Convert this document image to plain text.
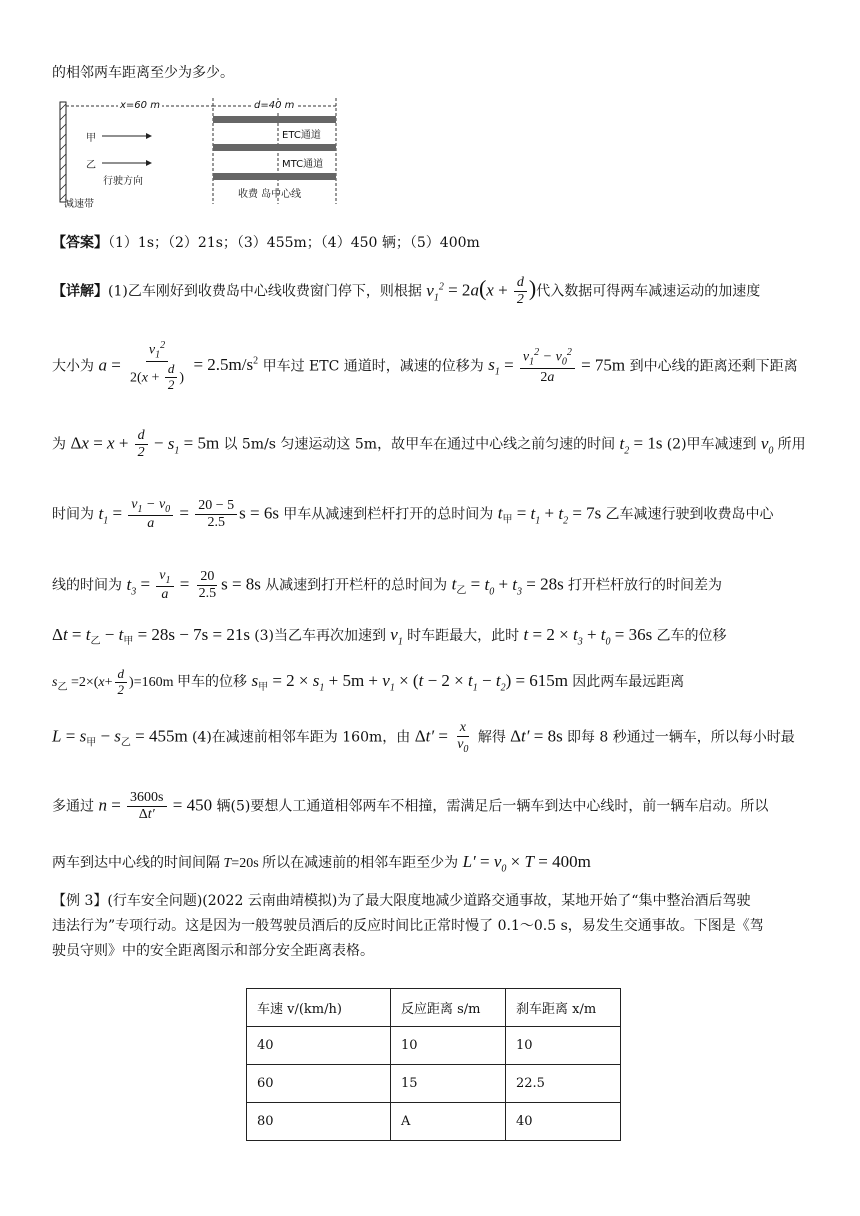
的相邻两车距离至少为多少。
x=60 m	d=40 m
甲
乙
行驶方向
减速带
ETC通道
MTC通道
收费 岛中心线
【答案】（1）1s；（2）21s；（3）455m；（4）450 辆；（5）400m
【详解】(1)乙车刚好到收费岛中心线收费窗门停下，则根据 $v_1^2 = 2a(x + \frac{d}{2}$ )代入数据可得两车减速运动的加速度
大小为 $a = \frac{v_1^2}{2(x + \frac{d}{2} )} = 2.5m/s^2$ 甲车过 ETC 通道时，减速的位移为 $s_1 = \frac{v_1^2 - v_0^2}{2a} = 75m$ 到中心线的距离还剩下距离
为 $\Delta x = x + \frac{d}{2} - s_1 = 5m$ 以 5m/s 匀速运动这 5m，故甲车在通过中心线之前匀速的时间 $t_2 = 1s$ (2)甲车减速到 $v_0$ 所用
时间为 $t_1 = \frac{v_1 - v_0}{a} = \frac{20 - 5}{2.5}$ s = 6s 甲车从减速到栏杆打开的总时间为 $t_甲 = t_1 + t_2 = 7s$ 乙车减速行驶到收费岛中心
线的时间为 $t_3 = \frac{v_1}{a} = \frac{20}{2.5}$ s = 8s 从减速到打开栏杆的总时间为 $t_乙 = t_0 + t_3 = 28s$ 打开栏杆放行的时间差为
$\Delta t = t_乙 - t_甲 = 28s - 7s = 21s$ (3)当乙车再次加速到 $v_1$ 时车距最大，此时 $t = 2 \times t_3 + t_0 = 36s$ 乙车的位移
$s_乙 =2\times(x+ \frac{d}{2} )=160m$ 甲车的位移 $s_甲 = 2 \times s_1 + 5m + v_1 \times (t - 2 \times t_1 - t_2) = 615m$ 因此两车最远距离
$L = s_甲 - s_乙 = 455m$ (4)在减速前相邻车距为 160m，由 $\Delta t' = \frac{x}{v_0}$ 解得 Δt′ = 8s 即每 8 秒通过一辆车，所以每小时最
多通过 $n = \frac{3600s}{\Delta t'} = 450$ 辆(5)要想人工通道相邻两车不相撞，需满足后一辆车到达中心线时，前一辆车启动。所以
两车到达中心线的时间间隔 T=20s 所以在减速前的相邻车距至少为 $L' = v_0 \times T = 400m$
【例 3】(行车安全问题)(2022 云南曲靖模拟)为了最大限度地减少道路交通事故，某地开始了“集中整治酒后驾驶
违法行为”专项行动。这是因为一般驾驶员酒后的反应时间比正常时慢了 0.1～0.5 s，易发生交通事故。下图是《驾
驶员守则》中的安全距离图示和部分安全距离表格。
车速 v/(km/h)	反应距离 s/m	刹车距离 x/m
40	10	10
60	15	22.5
80	A	40
